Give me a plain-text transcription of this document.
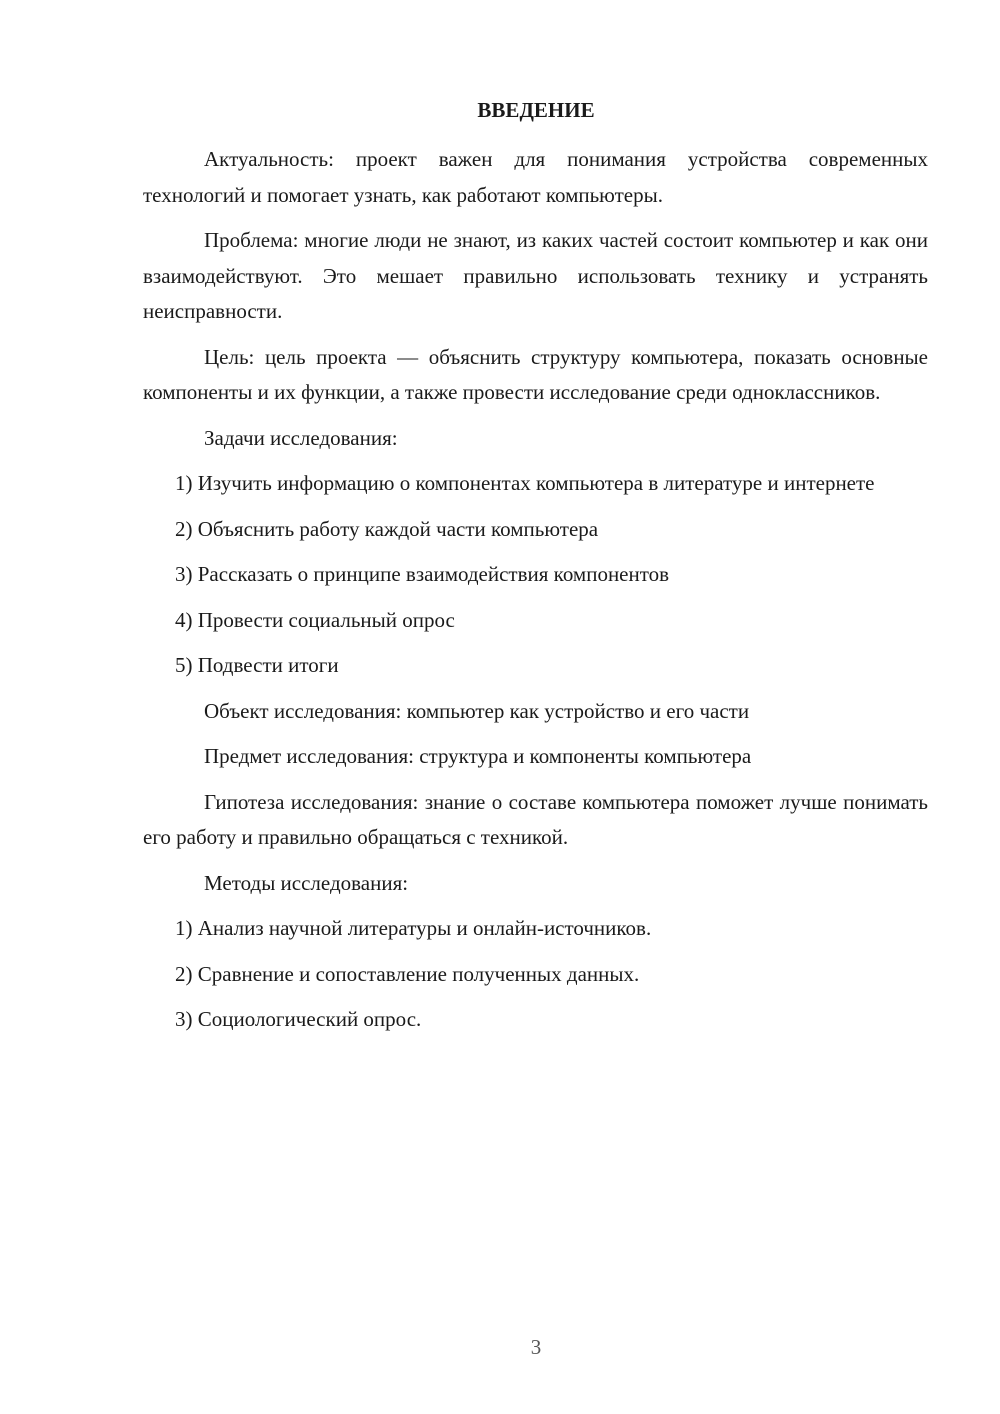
ВВЕДЕНИЕ

Актуальность: проект важен для понимания устройства современных технологий и помогает узнать, как работают компьютеры.

Проблема: многие люди не знают, из каких частей состоит компьютер и как они взаимодействуют. Это мешает правильно использовать технику и устранять неисправности.

Цель: цель проекта — объяснить структуру компьютера, показать основные компоненты и их функции, а также провести исследование среди одноклассников.

Задачи исследования:

1) Изучить информацию о компонентах компьютера в литературе и интернете

2) Объяснить работу каждой части компьютера

3) Рассказать о принципе взаимодействия компонентов

4) Провести социальный опрос

5) Подвести итоги

Объект исследования: компьютер как устройство и его части

Предмет исследования: структура и компоненты компьютера

Гипотеза исследования: знание о составе компьютера поможет лучше понимать его работу и правильно обращаться с техникой.

Методы исследования:

1) Анализ научной литературы и онлайн-источников.

2) Сравнение и сопоставление полученных данных.

3) Социологический опрос.

3
